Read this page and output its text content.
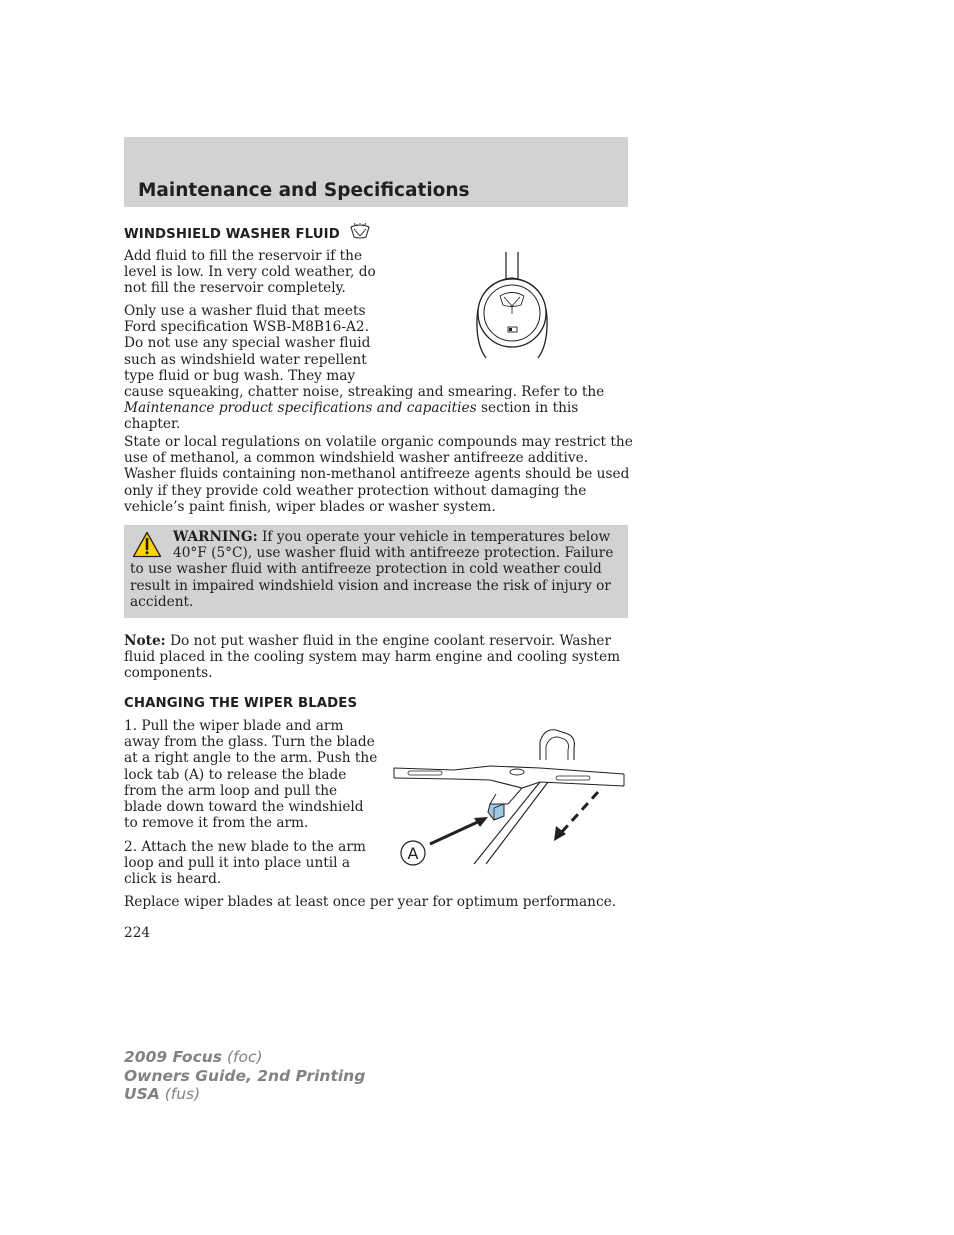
Maintenance and Specifications
WINDSHIELD WASHER FLUID

Add fluid to fill the reservoir if the
level is low. In very cold weather, do
not fill the reservoir completely.

Only use a washer fluid that meets
Ford specification WSB-M8B16-A2.
Do not use any special washer fluid
such as windshield water repellent
type fluid or bug wash. They may
cause squeaking, chatter noise, streaking and smearing. Refer to the
Maintenance product specifications and capacities section in this
chapter.

State or local regulations on volatile organic compounds may restrict the
use of methanol, a common windshield washer antifreeze additive.
Washer fluids containing non-methanol antifreeze agents should be used
only if they provide cold weather protection without damaging the
vehicle’s paint finish, wiper blades or washer system.

WARNING: If you operate your vehicle in temperatures below
40°F (5°C), use washer fluid with antifreeze protection. Failure
to use washer fluid with antifreeze protection in cold weather could
result in impaired windshield vision and increase the risk of injury or
accident.

Note: Do not put washer fluid in the engine coolant reservoir. Washer
fluid placed in the cooling system may harm engine and cooling system
components.

CHANGING THE WIPER BLADES

1. Pull the wiper blade and arm
away from the glass. Turn the blade
at a right angle to the arm. Push the
lock tab (A) to release the blade
from the arm loop and pull the
blade down toward the windshield
to remove it from the arm.

2. Attach the new blade to the arm
loop and pull it into place until a
click is heard.

A

Replace wiper blades at least once per year for optimum performance.

224

2009 Focus (foc)
Owners Guide, 2nd Printing
USA (fus)
